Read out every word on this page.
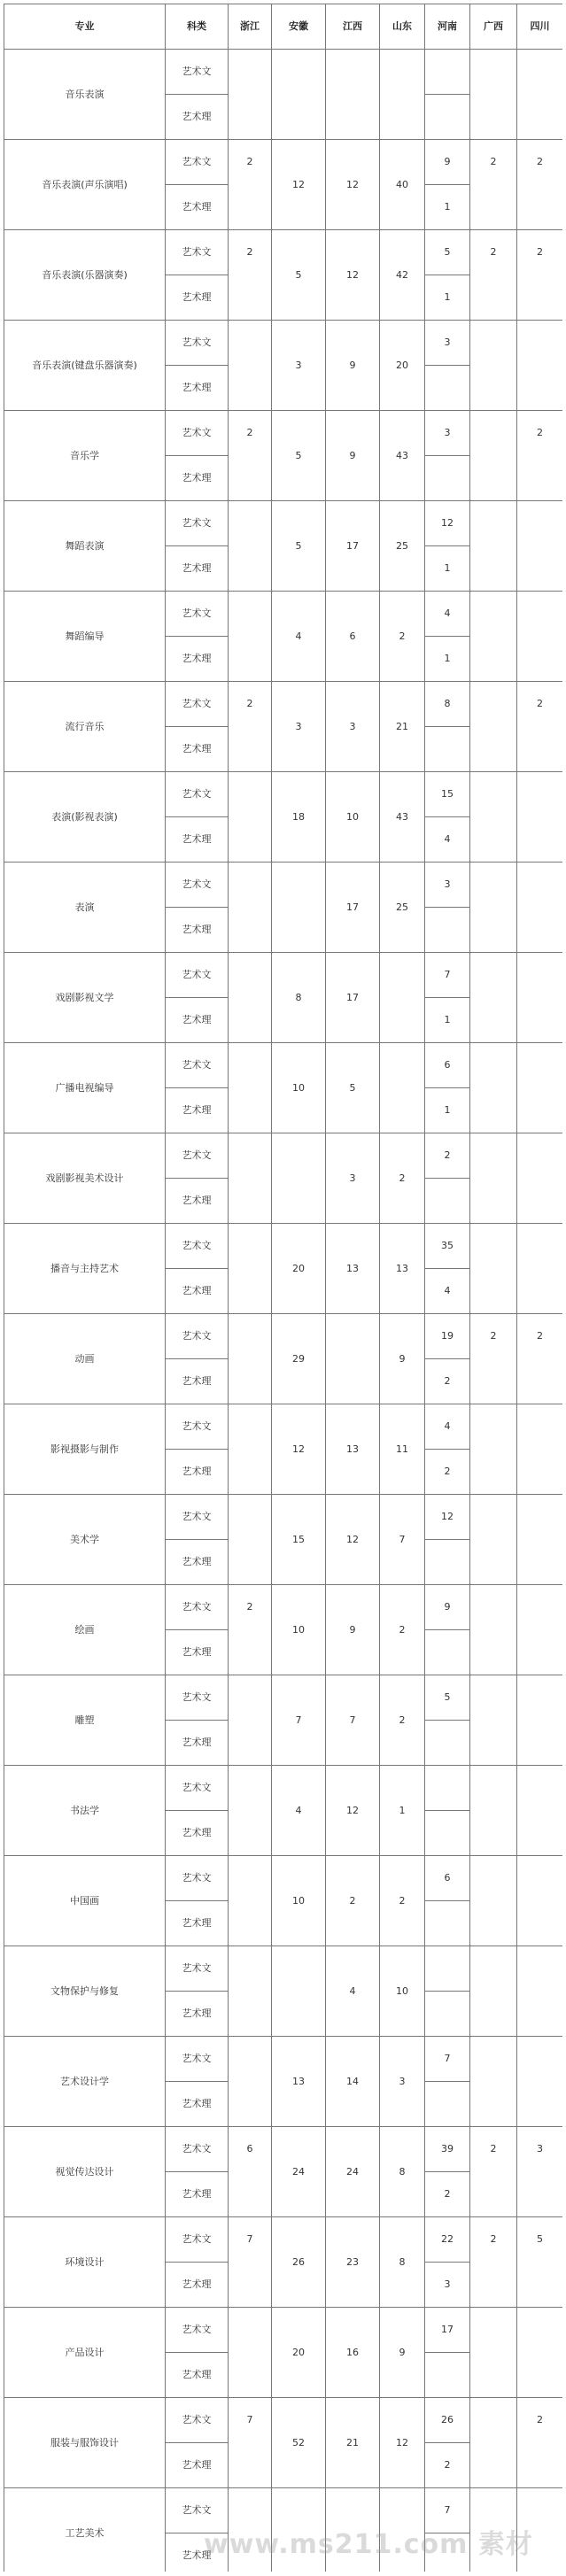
专业	科类	浙江	安徽	江西	山东	河南	广西	四川
音乐表演	艺术文							
	艺术理							
音乐表演(声乐演唱)	艺术文	2	12	12	40	9	2	2
	艺术理					1		
音乐表演(乐器演奏)	艺术文	2	5	12	42	5	2	2
	艺术理					1		
音乐表演(键盘乐器演奏)	艺术文		3	9	20	3		
	艺术理							
音乐学	艺术文	2	5	9	43	3		2
	艺术理							
舞蹈表演	艺术文		5	17	25	12		
	艺术理					1		
舞蹈编导	艺术文		4	6	2	4		
	艺术理					1		
流行音乐	艺术文	2	3	3	21	8		2
	艺术理							
表演(影视表演)	艺术文		18	10	43	15		
	艺术理					4		
表演	艺术文			17	25	3		
	艺术理							
戏剧影视文学	艺术文		8	17		7		
	艺术理					1		
广播电视编导	艺术文		10	5		6		
	艺术理					1		
戏剧影视美术设计	艺术文			3	2	2		
	艺术理							
播音与主持艺术	艺术文		20	13	13	35		
	艺术理					4		
动画	艺术文		29		9	19	2	2
	艺术理					2		
影视摄影与制作	艺术文		12	13	11	4		
	艺术理					2		
美术学	艺术文		15	12	7	12		
	艺术理							
绘画	艺术文	2	10	9	2	9		
	艺术理							
雕塑	艺术文		7	7	2	5		
	艺术理							
书法学	艺术文		4	12	1			
	艺术理							
中国画	艺术文		10	2	2	6		
	艺术理							
文物保护与修复	艺术文			4	10			
	艺术理							
艺术设计学	艺术文		13	14	3	7		
	艺术理							
视觉传达设计	艺术文	6	24	24	8	39	2	3
	艺术理					2		
环境设计	艺术文	7	26	23	8	22	2	5
	艺术理					3		
产品设计	艺术文		20	16	9	17		
	艺术理							
服装与服饰设计	艺术文	7	52	21	12	26		2
	艺术理					2		
工艺美术	艺术文					7		
	艺术理							
www.ms211.com 素材
